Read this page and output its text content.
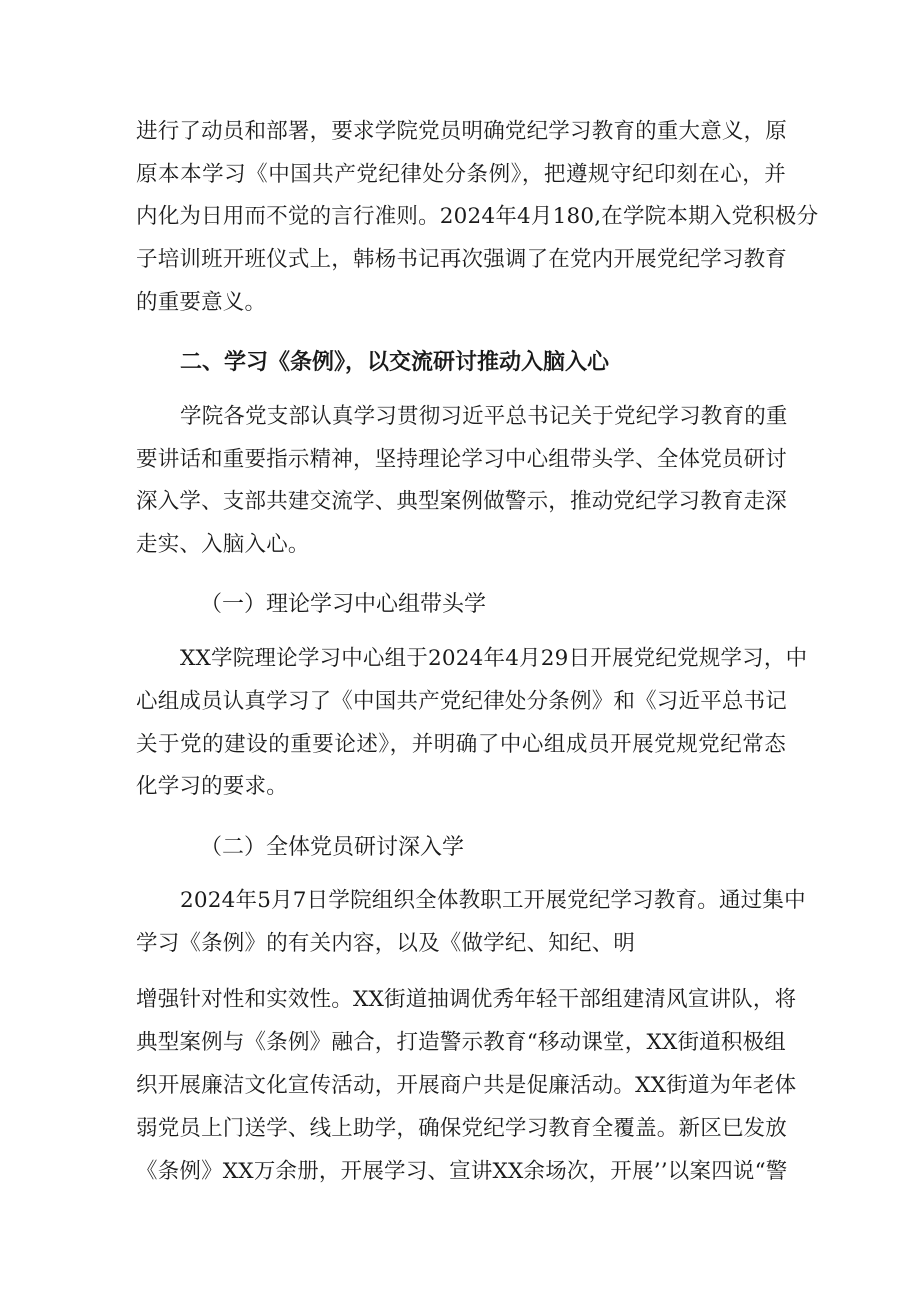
进行了动员和部署，要求学院党员明确党纪学习教育的重大意义，原
原本本学习《中国共产党纪律处分条例》，把遵规守纪印刻在心，并
内化为日用而不觉的言行准则。2024年4月180,在学院本期入党积极分
子培训班开班仪式上，韩杨书记再次强调了在党内开展党纪学习教育
的重要意义。
二、学习《条例》，以交流研讨推动入脑入心
学院各党支部认真学习贯彻习近平总书记关于党纪学习教育的重
要讲话和重要指示精神，坚持理论学习中心组带头学、全体党员研讨
深入学、支部共建交流学、典型案例做警示，推动党纪学习教育走深
走实、入脑入心。
（一）理论学习中心组带头学
XX学院理论学习中心组于2024年4月29日开展党纪党规学习，中
心组成员认真学习了《中国共产党纪律处分条例》和《习近平总书记
关于党的建设的重要论述》，并明确了中心组成员开展党规党纪常态
化学习的要求。
（二）全体党员研讨深入学
2024年5月7日学院组织全体教职工开展党纪学习教育。通过集中
学习《条例》的有关内容，以及《做学纪、知纪、明
增强针对性和实效性。XX街道抽调优秀年轻干部组建清风宣讲队，将
典型案例与《条例》融合，打造警示教育“移动课堂，XX街道积极组
织开展廉洁文化宣传活动，开展商户共是促廉活动。XX街道为年老体
弱党员上门送学、线上助学，确保党纪学习教育全覆盖。新区巳发放
《条例》XX万余册，开展学习、宣讲XX余场次，开展’’以案四说“警
